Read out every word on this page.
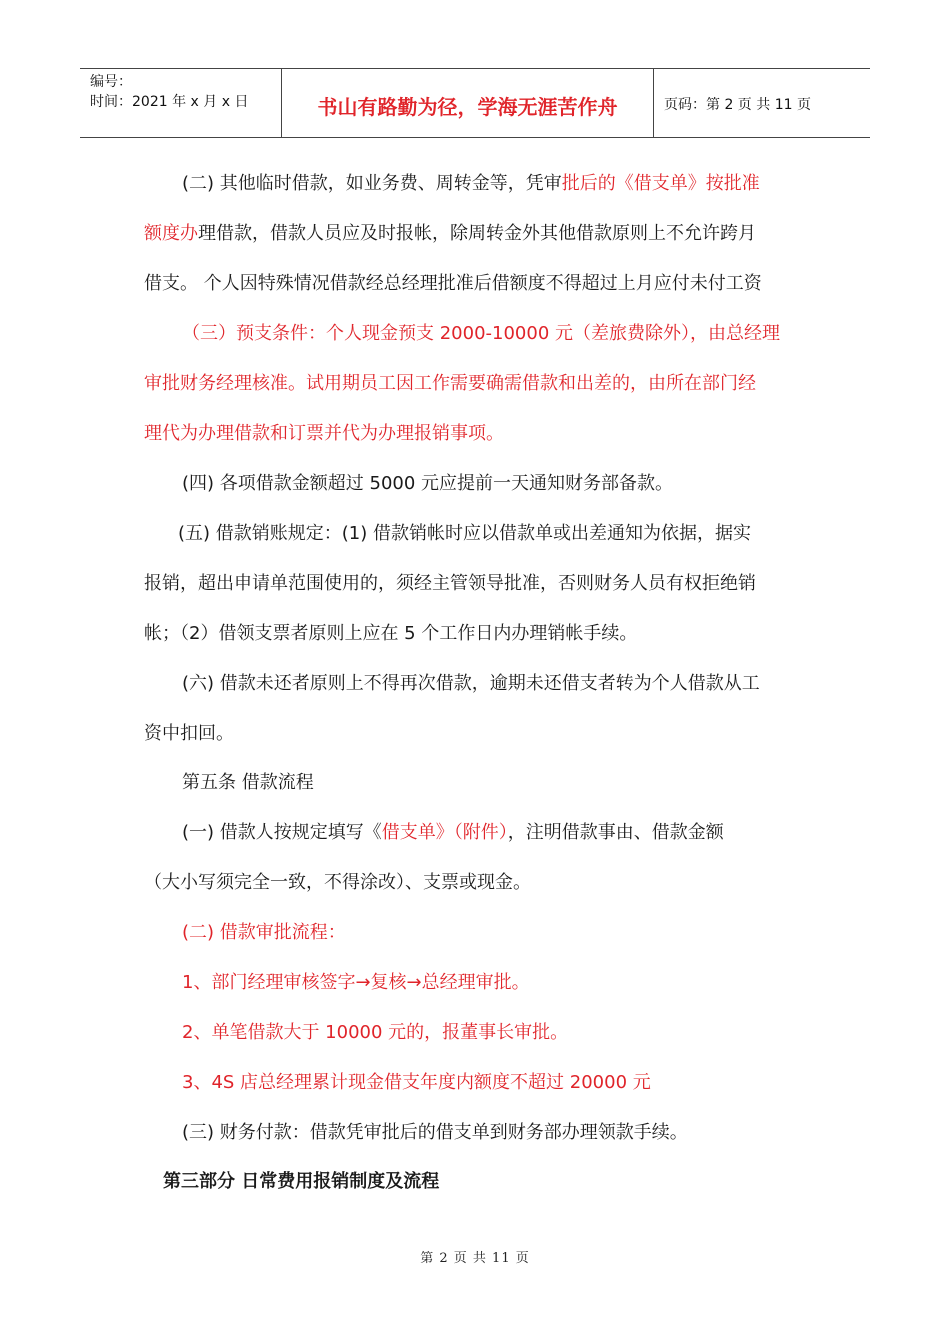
编号：
时间：2021 年 x 月 x 日	书山有路勤为径，学海无涯苦作舟	页码：第 2 页 共 11 页
(二) 其他临时借款，如业务费、周转金等，凭审批后的《借支单》按批准
额度办理借款，借款人员应及时报帐，除周转金外其他借款原则上不允许跨月
借支。 个人因特殊情况借款经总经理批准后借额度不得超过上月应付未付工资
（三）预支条件：个人现金预支 2000-10000 元（差旅费除外），由总经理
审批财务经理核准。试用期员工因工作需要确需借款和出差的，由所在部门经
理代为办理借款和订票并代为办理报销事项。
(四) 各项借款金额超过 5000 元应提前一天通知财务部备款。
(五) 借款销账规定：(1) 借款销帐时应以借款单或出差通知为依据，据实
报销，超出申请单范围使用的，须经主管领导批准，否则财务人员有权拒绝销
帐；（2）借领支票者原则上应在 5 个工作日内办理销帐手续。
(六) 借款未还者原则上不得再次借款，逾期未还借支者转为个人借款从工
资中扣回。
第五条 借款流程
(一) 借款人按规定填写《借支单》（附件），注明借款事由、借款金额
（大小写须完全一致，不得涂改）、支票或现金。
(二) 借款审批流程：
1、部门经理审核签字→复核→总经理审批。
2、单笔借款大于 10000 元的，报董事长审批。
3、4S 店总经理累计现金借支年度内额度不超过 20000 元
(三) 财务付款：借款凭审批后的借支单到财务部办理领款手续。
第三部分 日常费用报销制度及流程
第 2 页 共 11 页
